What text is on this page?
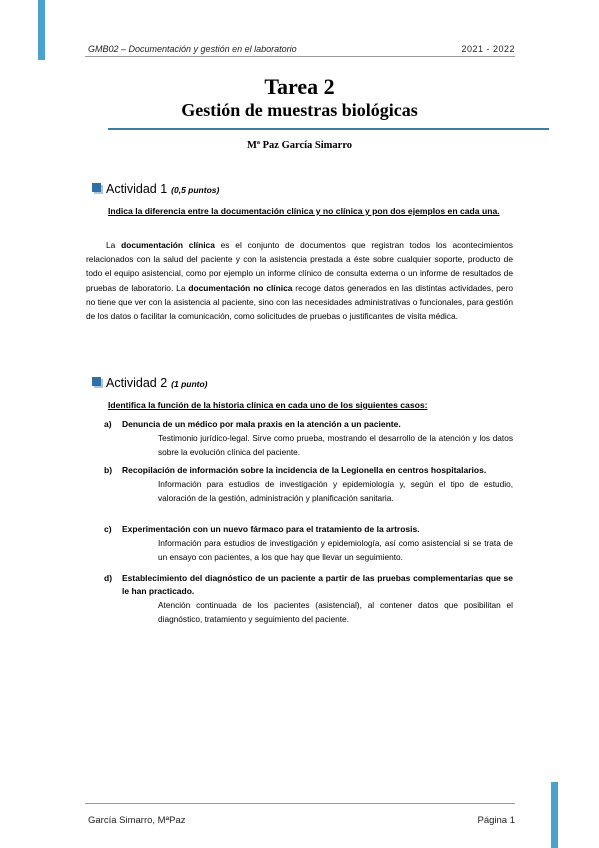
GMB02 – Documentación y gestión en el laboratorio	2021 - 2022
Tarea 2
Gestión de muestras biológicas
Mª Paz García Simarro
Actividad 1 (0,5 puntos)
Indica la diferencia entre la documentación clínica y no clínica y pon dos ejemplos en cada una.
La documentación clínica es el conjunto de documentos que registran todos los acontecimientos relacionados con la salud del paciente y con la asistencia prestada a éste sobre cualquier soporte, producto de todo el equipo asistencial, como por ejemplo un informe clínico de consulta externa o un informe de resultados de pruebas de laboratorio. La documentación no clínica recoge datos generados en las distintas actividades, pero no tiene que ver con la asistencia al paciente, sino con las necesidades administrativas o funcionales, para gestión de los datos o facilitar la comunicación, como solicitudes de pruebas o justificantes de visita médica.
Actividad 2 (1 punto)
Identifica la función de la historia clínica en cada uno de los siguientes casos:
a)	Denuncia de un médico por mala praxis en la atención a un paciente.
Testimonio jurídico-legal. Sirve como prueba, mostrando el desarrollo de la atención y los datos sobre la evolución clínica del paciente.
b)	Recopilación de información sobre la incidencia de la Legionella en centros hospitalarios.
Información para estudios de investigación y epidemiología y, según el tipo de estudio, valoración de la gestión, administración y planificación sanitaria.
c)	Experimentación con un nuevo fármaco para el tratamiento de la artrosis.
Información para estudios de investigación y epidemiología, así como asistencial si se trata de un ensayo con pacientes, a los que hay que llevar un seguimiento.
d)	Establecimiento del diagnóstico de un paciente a partir de las pruebas complementarias que se le han practicado.
Atención continuada de los pacientes (asistencial), al contener datos que posibilitan el diagnóstico, tratamiento y seguimiento del paciente.
García Simarro, MªPaz	Página 1
